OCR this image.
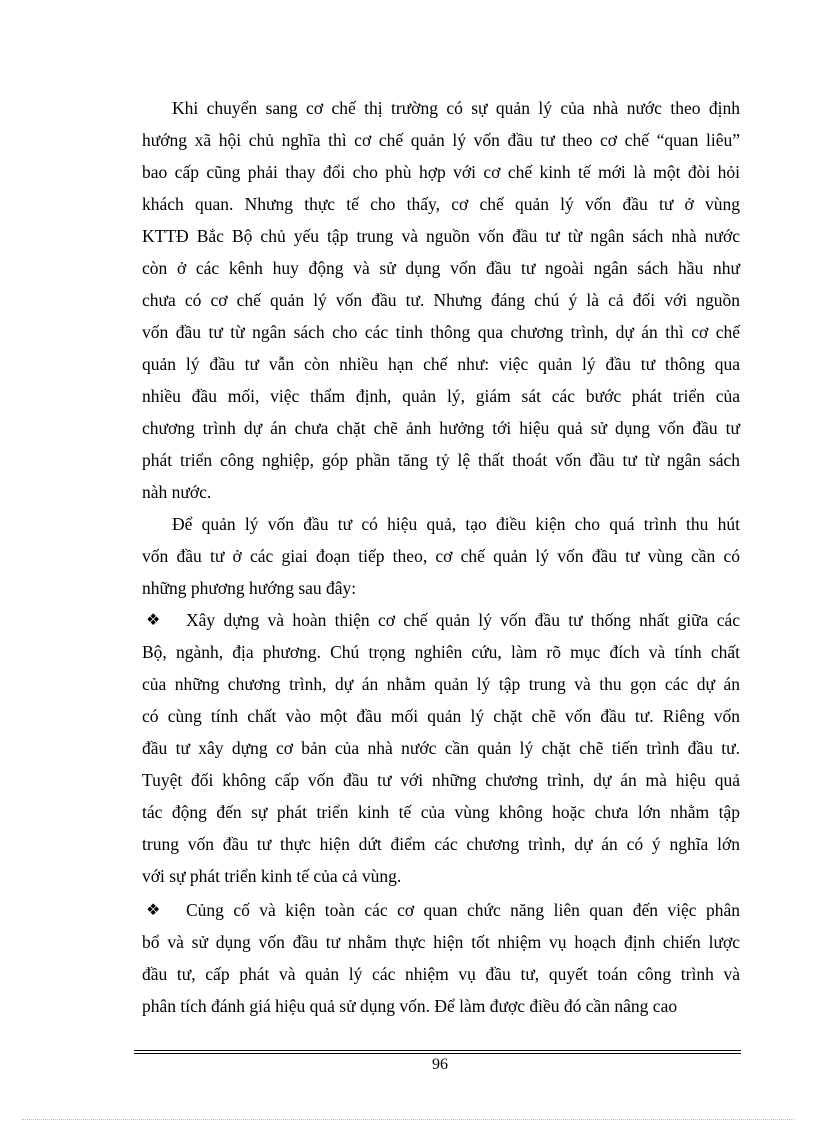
Khi chuyển sang cơ chế thị trường có sự quản lý của nhà nước theo định
hướng xã hội chủ nghĩa thì cơ chế quản lý vốn đầu tư theo cơ chế “quan liêu”
bao cấp cũng phải thay đổi cho phù hợp với cơ chế kinh tế mới là một đòi hỏi
khách quan. Nhưng thực tế cho thấy, cơ chế quản lý vốn đầu tư ở vùng
KTTĐ Bắc Bộ chủ yếu tập trung và nguồn vốn đầu tư từ ngân sách nhà nước
còn ở các kênh huy động và sử dụng vốn đầu tư ngoài ngân sách hầu như
chưa có cơ chế quản lý vốn đầu tư. Nhưng đáng chú ý là cả đối với nguồn
vốn đầu tư từ ngân sách cho các tỉnh thông qua chương trình, dự án thì cơ chế
quản lý đầu tư vẫn còn nhiều hạn chế như: việc quản lý đầu tư thông qua
nhiều đầu mối, việc thẩm định, quản lý, giám sát các bước phát triển của
chương trình dự án chưa chặt chẽ ảnh hưởng tới hiệu quả sử dụng vốn đầu tư
phát triển công nghiệp, góp phần tăng tỷ lệ thất thoát vốn đầu tư từ ngân sách
nàh nước.
Để quản lý vốn đầu tư có hiệu quả, tạo điều kiện cho quá trình thu hút
vốn đầu tư ở các giai đoạn tiếp theo, cơ chế quản lý vốn đầu tư vùng cần có
những phương hướng sau đây:
❖	Xây dựng và hoàn thiện cơ chế quản lý vốn đầu tư thống nhất giữa các
Bộ, ngành, địa phương. Chú trọng nghiên cứu, làm rõ mục đích và tính chất
của những chương trình, dự án nhằm quản lý tập trung và thu gọn các dự án
có cùng tính chất vào một đầu mối quản lý chặt chẽ vốn đầu tư. Riêng vốn
đầu tư xây dựng cơ bản của nhà nước cần quản lý chặt chẽ tiến trình đầu tư.
Tuyệt đối không cấp vốn đầu tư với những chương trình, dự án mà hiệu quả
tác động đến sự phát triển kinh tế của vùng không hoặc chưa lớn nhằm tập
trung vốn đầu tư thực hiện dứt điểm các chương trình, dự án có ý nghĩa lớn
với sự phát triển kinh tế của cả vùng.
❖	Củng cố và kiện toàn các cơ quan chức năng liên quan đến việc phân
bổ và sử dụng vốn đầu tư nhằm thực hiện tốt nhiệm vụ hoạch định chiến lược
đầu tư, cấp phát và quản lý các nhiệm vụ đầu tư, quyết toán công trình và
phân tích đánh giá hiệu quả sử dụng vốn. Để làm được điều đó cần nâng cao
96
